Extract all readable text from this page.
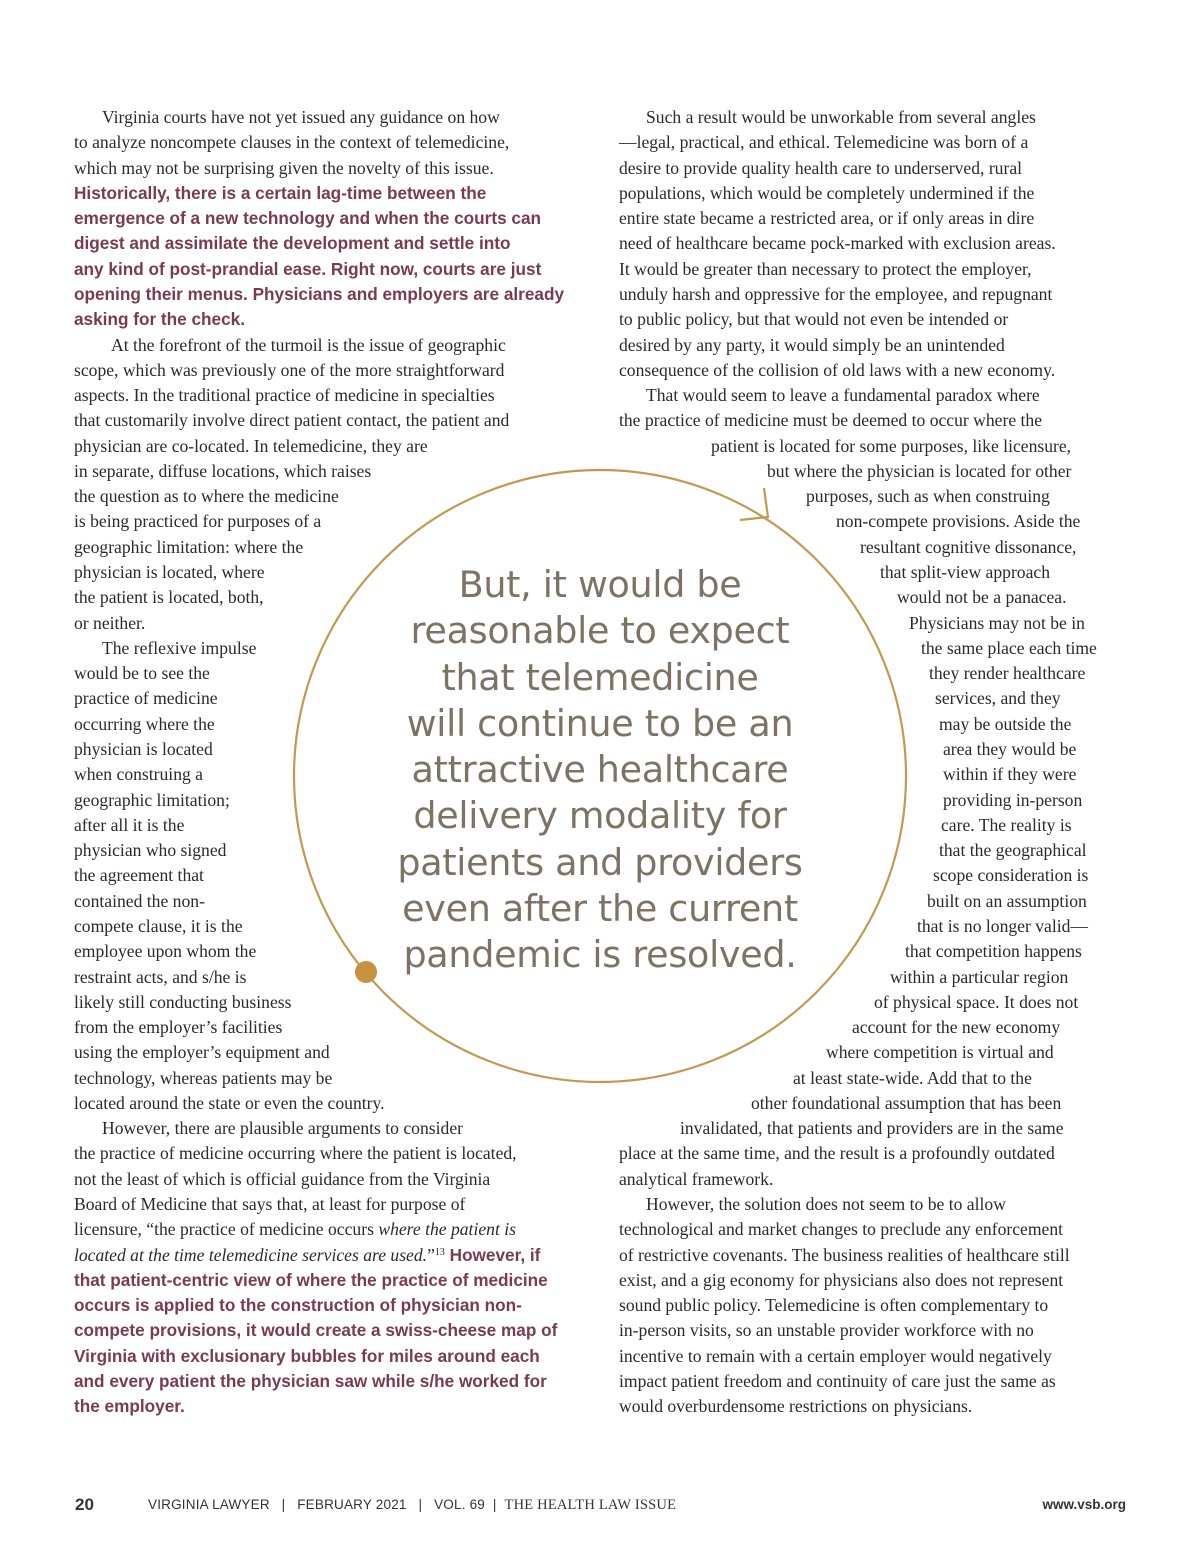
Virginia courts have not yet issued any guidance on how
to analyze noncompete clauses in the context of telemedicine,
which may not be surprising given the novelty of this issue.
Historically, there is a certain lag-time between the
emergence of a new technology and when the courts can
digest and assimilate the development and settle into
any kind of post-prandial ease. Right now, courts are just
opening their menus. Physicians and employers are already
asking for the check.
At the forefront of the turmoil is the issue of geographic
scope, which was previously one of the more straightforward
aspects. In the traditional practice of medicine in specialties
that customarily involve direct patient contact, the patient and
physician are co-located. In telemedicine, they are
in separate, diffuse locations, which raises
the question as to where the medicine
is being practiced for purposes of a
geographic limitation: where the
physician is located, where
the patient is located, both,
or neither.
The reflexive impulse
would be to see the
practice of medicine
occurring where the
physician is located
when construing a
geographic limitation;
after all it is the
physician who signed
the agreement that
contained the non-
compete clause, it is the
employee upon whom the
restraint acts, and s/he is
likely still conducting business
from the employer’s facilities
using the employer’s equipment and
technology, whereas patients may be
located around the state or even the country.
However, there are plausible arguments to consider
the practice of medicine occurring where the patient is located,
not the least of which is official guidance from the Virginia
Board of Medicine that says that, at least for purpose of
licensure, “the practice of medicine occurs where the patient is
located at the time telemedicine services are used.”$^{13}$ However, if
that patient-centric view of where the practice of medicine
occurs is applied to the construction of physician non-
compete provisions, it would create a swiss-cheese map of
Virginia with exclusionary bubbles for miles around each
and every patient the physician saw while s/he worked for
the employer.
Such a result would be unworkable from several angles
—legal, practical, and ethical. Telemedicine was born of a
desire to provide quality health care to underserved, rural
populations, which would be completely undermined if the
entire state became a restricted area, or if only areas in dire
need of healthcare became pock-marked with exclusion areas.
It would be greater than necessary to protect the employer,
unduly harsh and oppressive for the employee, and repugnant
to public policy, but that would not even be intended or
desired by any party, it would simply be an unintended
consequence of the collision of old laws with a new economy.
That would seem to leave a fundamental paradox where
the practice of medicine must be deemed to occur where the
patient is located for some purposes, like licensure,
but where the physician is located for other
purposes, such as when construing
non-compete provisions. Aside the
resultant cognitive dissonance,
that split-view approach
would not be a panacea.
Physicians may not be in
the same place each time
they render healthcare
services, and they
may be outside the
area they would be
within if they were
providing in-person
care. The reality is
that the geographical
scope consideration is
built on an assumption
that is no longer valid—
that competition happens
within a particular region
of physical space. It does not
account for the new economy
where competition is virtual and
at least state-wide. Add that to the
other foundational assumption that has been
invalidated, that patients and providers are in the same
place at the same time, and the result is a profoundly outdated
analytical framework.
However, the solution does not seem to be to allow
technological and market changes to preclude any enforcement
of restrictive covenants. The business realities of healthcare still
exist, and a gig economy for physicians also does not represent
sound public policy. Telemedicine is often complementary to
in-person visits, so an unstable provider workforce with no
incentive to remain with a certain employer would negatively
impact patient freedom and continuity of care just the same as
would overburdensome restrictions on physicians.
But, it would be
reasonable to expect
that telemedicine
will continue to be an
attractive healthcare
delivery modality for
patients and providers
even after the current
pandemic is resolved.
20	VIRGINIA LAWYER | FEBRUARY 2021 | VOL. 69 | THE HEALTH LAW ISSUE	www.vsb.org
